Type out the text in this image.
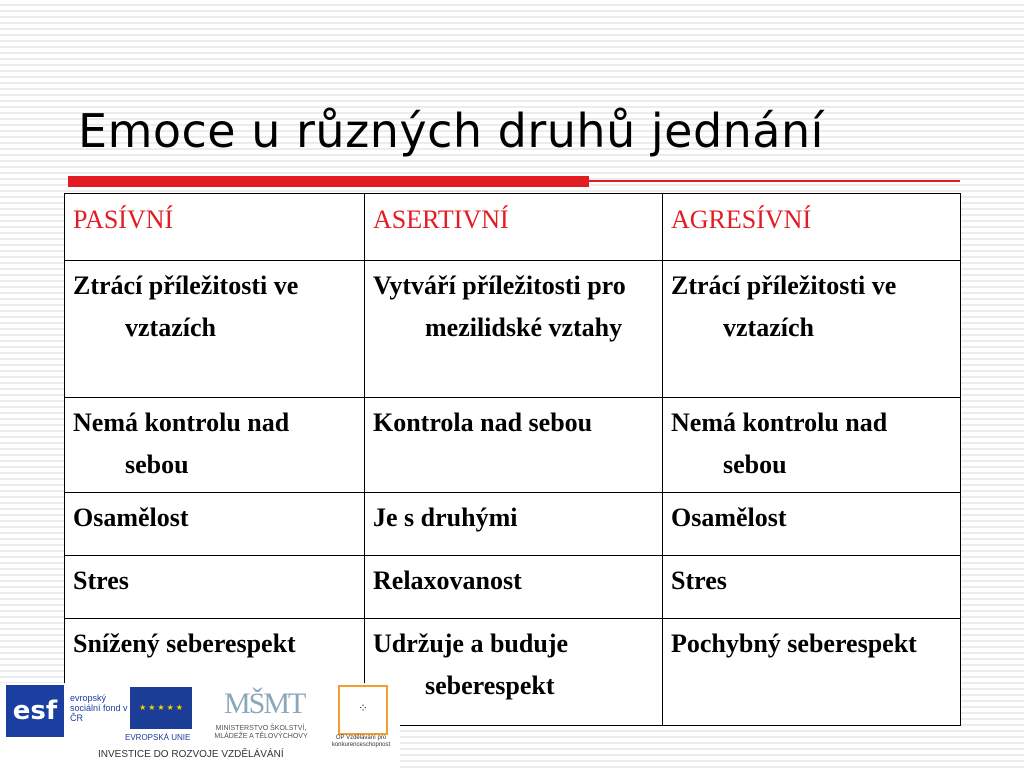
Emoce u různých druhů jednání
PASÍVNÍ	ASERTIVNÍ	AGRESÍVNÍ

Ztrácí příležitosti ve vztazích	Vytváří příležitosti pro mezilidské vztahy	Ztrácí příležitosti ve vztazích

Nemá kontrolu nad sebou	Kontrola nad sebou	Nemá kontrolu nad sebou

Osamělost	Je s druhými	Osamělost

Stres	Relaxovanost	Stres

Snížený seberespekt	Udržuje a buduje seberespekt	Pochybný seberespekt
esf	evropský sociální fond v ČR
★ ★ ★ ★ ★
EVROPSKÁ UNIE
MŠMT
MINISTERSTVO ŠKOLSTVÍ, MLÁDEŽE A TĚLOVÝCHOVY
⁘
OP Vzdělávání pro konkurenceschopnost
INVESTICE DO ROZVOJE VZDĚLÁVÁNÍ
